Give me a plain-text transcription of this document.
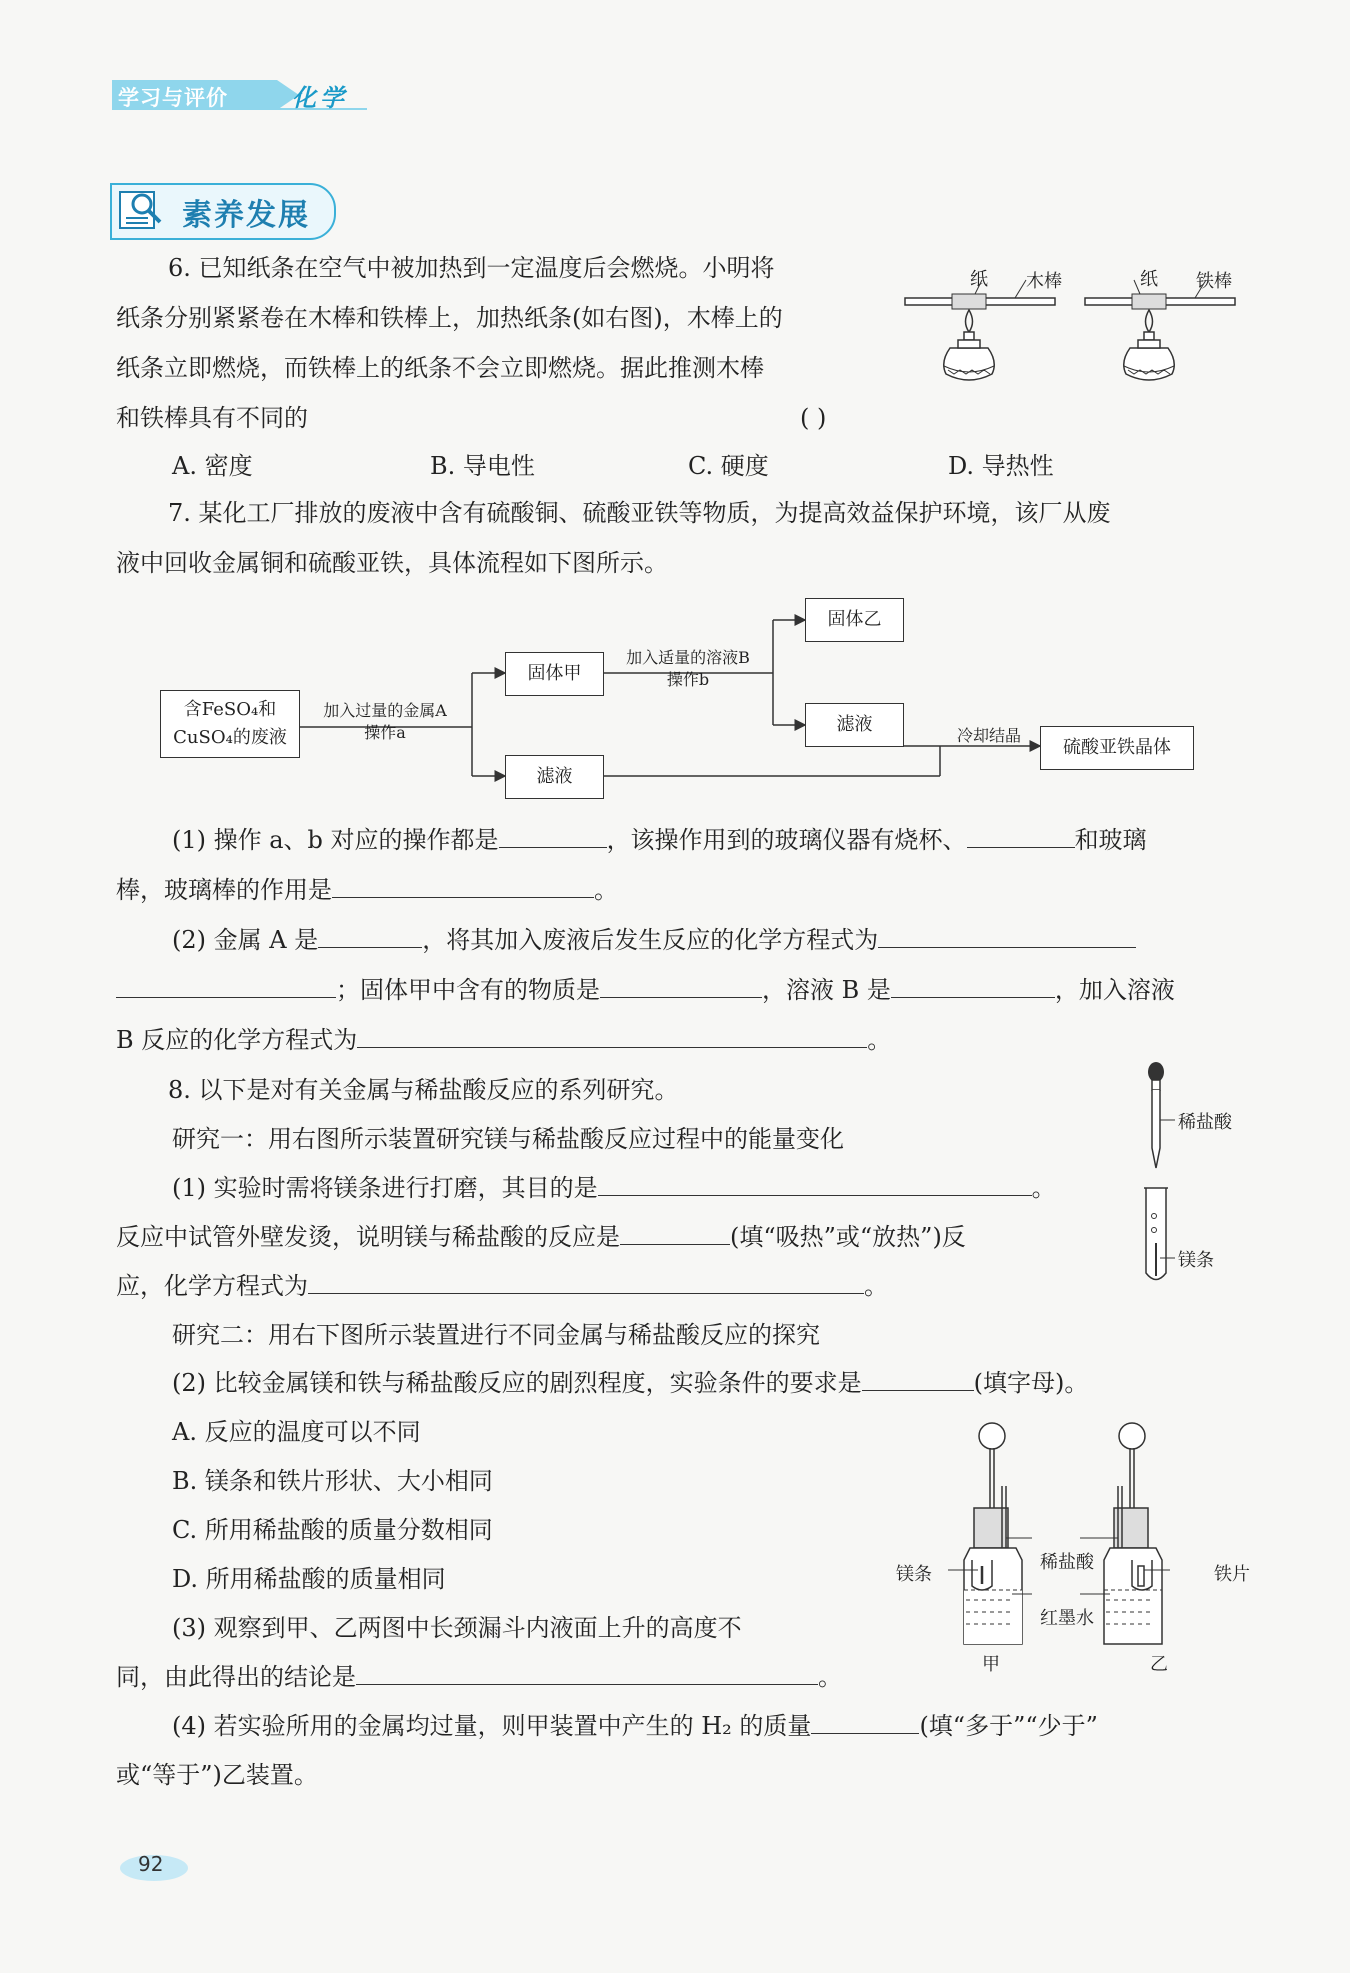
学习与评价	化学
素养发展
6. 已知纸条在空气中被加热到一定温度后会燃烧。小明将
纸条分别紧紧卷在木棒和铁棒上，加热纸条(如右图)，木棒上的
纸条立即燃烧，而铁棒上的纸条不会立即燃烧。据此推测木棒
和铁棒具有不同的	( )
A. 密度	B. 导电性	C. 硬度	D. 导热性
纸 木棒	纸 铁棒
7. 某化工厂排放的废液中含有硫酸铜、硫酸亚铁等物质，为提高效益保护环境，该厂从废
液中回收金属铜和硫酸亚铁，具体流程如下图所示。
含FeSO₄和
CuSO₄的废液
加入过量的金属A
操作a
固体甲
滤液
加入适量的溶液B
操作b
固体乙
滤液
冷却结晶
硫酸亚铁晶体
(1) 操作 a、b 对应的操作都是	，该操作用到的玻璃仪器有烧杯、	和玻璃
棒，玻璃棒的作用是	。
(2) 金属 A 是	，将其加入废液后发生反应的化学方程式为
；固体甲中含有的物质是	，溶液 B 是	，加入溶液
B 反应的化学方程式为	。
8. 以下是对有关金属与稀盐酸反应的系列研究。
研究一：用右图所示装置研究镁与稀盐酸反应过程中的能量变化
(1) 实验时需将镁条进行打磨，其目的是	。
反应中试管外壁发烫，说明镁与稀盐酸的反应是	(填“吸热”或“放热”)反
应，化学方程式为	。
研究二：用右下图所示装置进行不同金属与稀盐酸反应的探究
(2) 比较金属镁和铁与稀盐酸反应的剧烈程度，实验条件的要求是	(填字母)。
A. 反应的温度可以不同
B. 镁条和铁片形状、大小相同
C. 所用稀盐酸的质量分数相同
D. 所用稀盐酸的质量相同
(3) 观察到甲、乙两图中长颈漏斗内液面上升的高度不
同，由此得出的结论是	。
(4) 若实验所用的金属均过量，则甲装置中产生的 H₂ 的质量	(填“多于”“少于”
或“等于”)乙装置。
稀盐酸
镁条
镁条
稀盐酸
铁片
红墨水
甲	乙
92
